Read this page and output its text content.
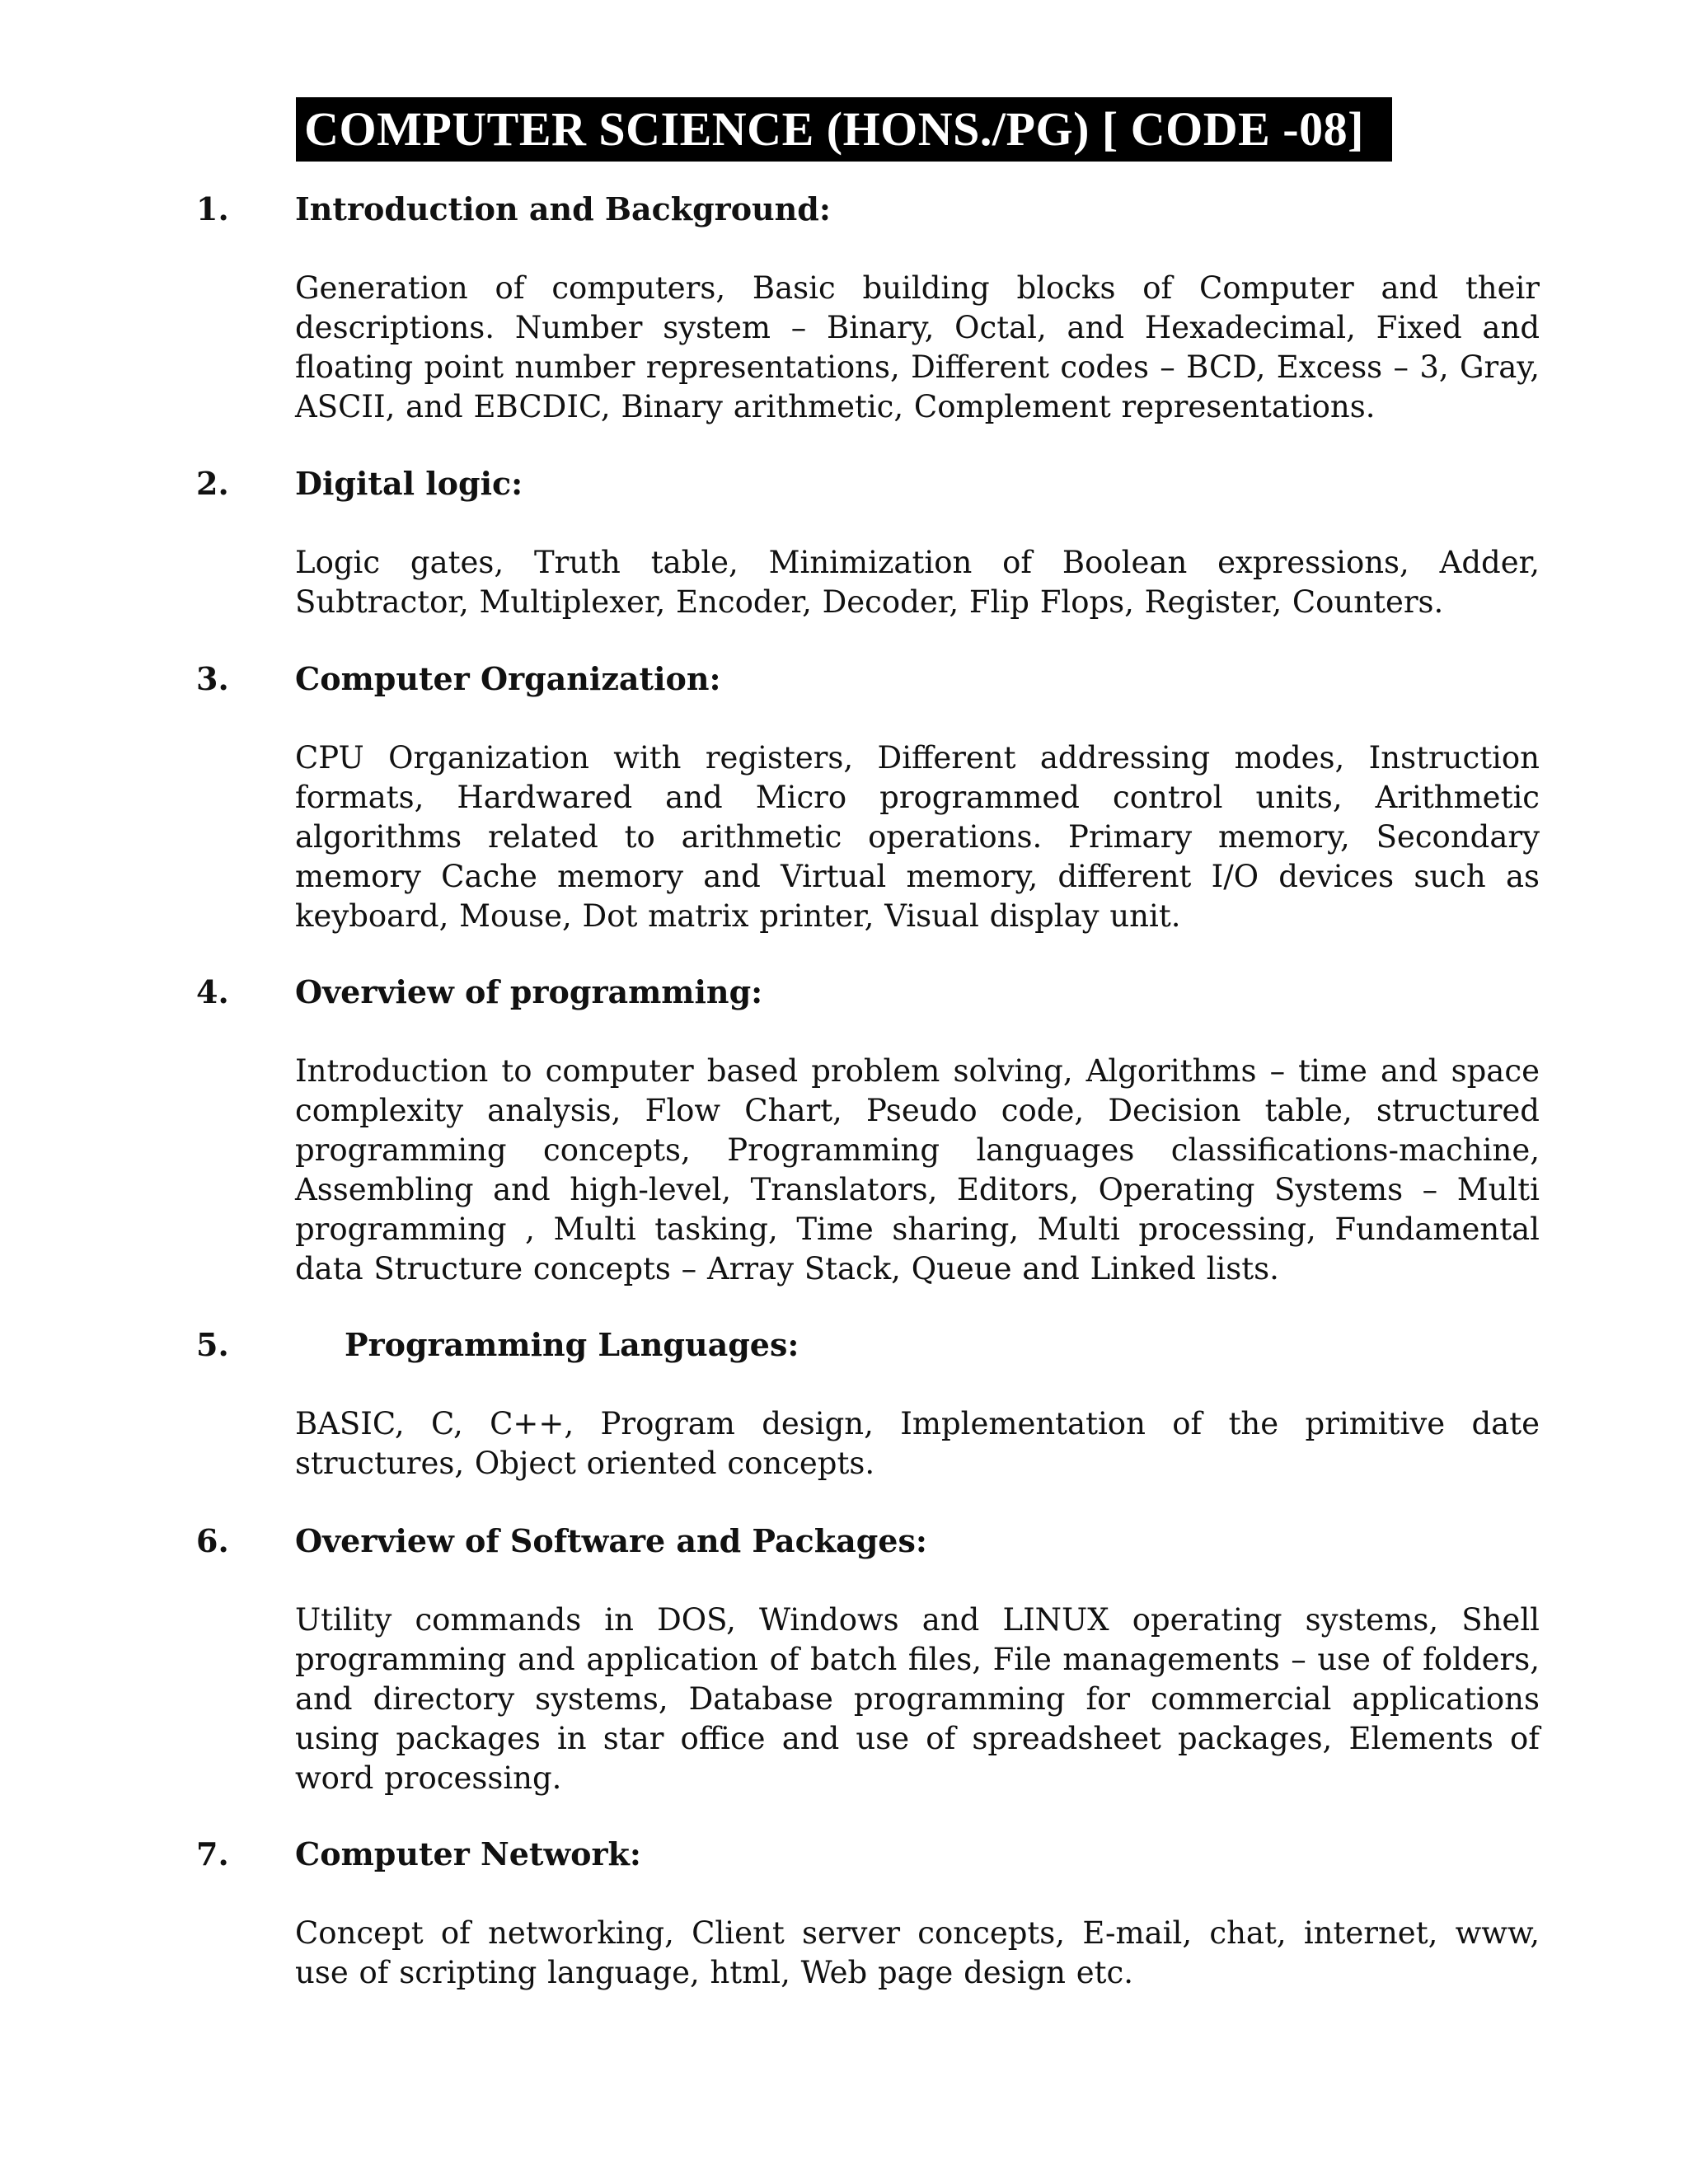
COMPUTER SCIENCE (HONS./PG) [ CODE -08]
1. Introduction and Background:
Generation of computers, Basic building blocks of Computer and their descriptions. Number system – Binary, Octal, and Hexadecimal, Fixed and floating point number representations, Different codes – BCD, Excess – 3, Gray, ASCII, and EBCDIC, Binary arithmetic, Complement representations.
2. Digital logic:
Logic gates, Truth table, Minimization of Boolean expressions, Adder, Subtractor, Multiplexer, Encoder, Decoder, Flip Flops, Register, Counters.
3. Computer Organization:
CPU Organization with registers, Different addressing modes, Instruction formats, Hardwared and Micro programmed control units, Arithmetic algorithms related to arithmetic operations. Primary memory, Secondary memory Cache memory and Virtual memory, different I/O devices such as keyboard, Mouse, Dot matrix printer, Visual display unit.
4. Overview of programming:
Introduction to computer based problem solving, Algorithms – time and space complexity analysis, Flow Chart, Pseudo code, Decision table, structured programming concepts, Programming languages classifications-machine, Assembling and high-level, Translators, Editors, Operating Systems – Multi programming , Multi tasking, Time sharing, Multi processing, Fundamental data Structure concepts – Array Stack, Queue and Linked lists.
5.	Programming Languages:
BASIC, C, C++, Program design, Implementation of the primitive date structures, Object oriented concepts.
6. Overview of Software and Packages:
Utility commands in DOS, Windows and LINUX operating systems, Shell programming and application of batch files, File managements – use of folders, and directory systems, Database programming for commercial applications using packages in star office and use of spreadsheet packages, Elements of word processing.
7. Computer Network:
Concept of networking, Client server concepts, E-mail, chat, internet, www, use of scripting language, html, Web page design etc.
